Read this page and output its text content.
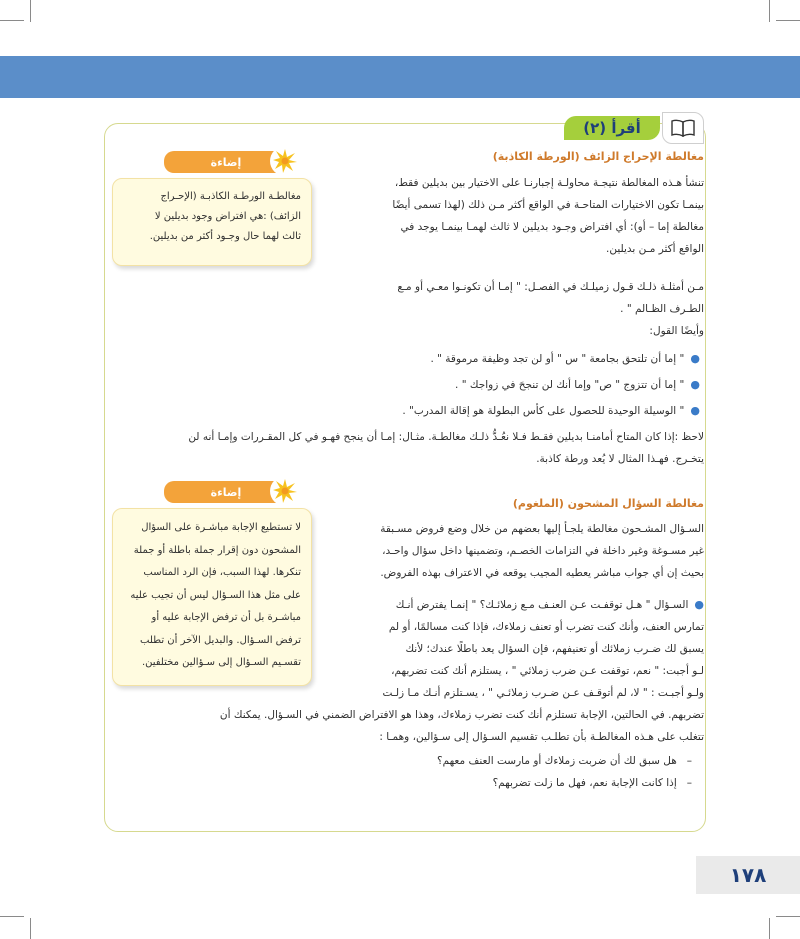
أقرأ (٢)
مغالطة الإحراج الزائف (الورطة الكاذبة)
تنشأ هـذه المغالطة نتيجـة محاولـة إجبارنـا على الاختيار بين بديلين فقط،
بينمـا تكون الاختيارات المتاحـة في الواقع أكثر مـن ذلك (لهذا تسمى أيضًا
مغالطة إما – أو): أي افتراض وجـود بديلين لا ثالث لهمـا بينمـا يوجد في
الواقع أكثر مـن بديلين.
مـن أمثلـة ذلـك قـول زميلـك في الفصـل: " إمـا أن تكونـوا معـي أو مـع
الطـرف الظـالم " .
وأيضًا القول:
●" إما أن تلتحق بجامعة " س " أو لن تجد وظيفة مرموقة " .
●" إما أن تتزوج " ص" وإما أنك لن تنجحَ في زواجك " .
●" الوسيلة الوحيدة للحصول على كأس البطولة هو إقالة المدرب" .
لاحظ :إذا كان المتاح أمامنـا بديلين فقـط فـلا نعُـدُّ ذلـك مغالطـة. مثـال: إمـا أن ينجح فهـو في كل المقـررات وإمـا أنه لن
يتخـرج. فهـذا المثال لا يُعد ورطة كاذبة.
مغالطة السؤال المشحون (الملغوم)
السـؤال المشـحون مغالطة يلجـأ إليها بعضهم من خلال وضع فروض مسـبقة
غير مسـوغة وغير داخلة في التزامات الخصـم، وتضمينها داخل سؤال واحـد،
بحيث إن أي جواب مباشر يعطيه المجيب يوقعه في الاعتراف بهذه الفروض.
●السـؤال " هـل توقفـت عـن العنـف مـع زملائـك؟ " إنمـا يفترض أنـك
تمارس العنف، وأنك كنت تضرب أو تعنف زملاءك، فإذا كنت مسالمًا، أو لم
يسبق لك ضـرب زملائك أو تعنيفهم، فإن السؤال يعد باطلًا عندك؛ لأنك
لـو أجبت: " نعم، توقفت عـن ضرب زملائي " ، يستلزم أنك كنت تضربهم،
ولـو أجبـت : " لا، لم أتوقـف عـن ضـرب زملائـي " ، يسـتلزم أنـك مـا زلـت
تضربهم. في الحالتين، الإجابة تستلزم أنك كنت تضرب زملاءك، وهذا هو الافتراض الضمني في السـؤال. يمكنك أن
تتغلب على هـذه المغالطـة بأن تطلـب تقسيم السـؤال إلى سـؤالين، وهمـا :
–هل سبق لك أن ضربت زملاءك أو مارست العنف معهم؟
–إذا كانت الإجابة نعم، فهل ما زلت تضربهم؟
إضاءة
مغالطـة الورطـة الكاذبـة (الإحـراج
الزائف) :هي افتراض وجود بديلين لا
ثالث لهما حال وجـود أكثر من بديلين.
إضاءة
لا تستطيع الإجابة مباشـرة على السؤال
المشحون دون إقرار جملة باطلة أو جملة
تنكرها. لهذا السبب، فإن الرد المناسب
على مثل هذا السـؤال ليس أن تجيب عليه
مباشـرة بل أن ترفض الإجابة عليه أو
ترفض السـؤال. والبديل الآخر أن تطلب
تقسـيم السـؤال إلى سـؤالين مختلفين.
١٧٨
